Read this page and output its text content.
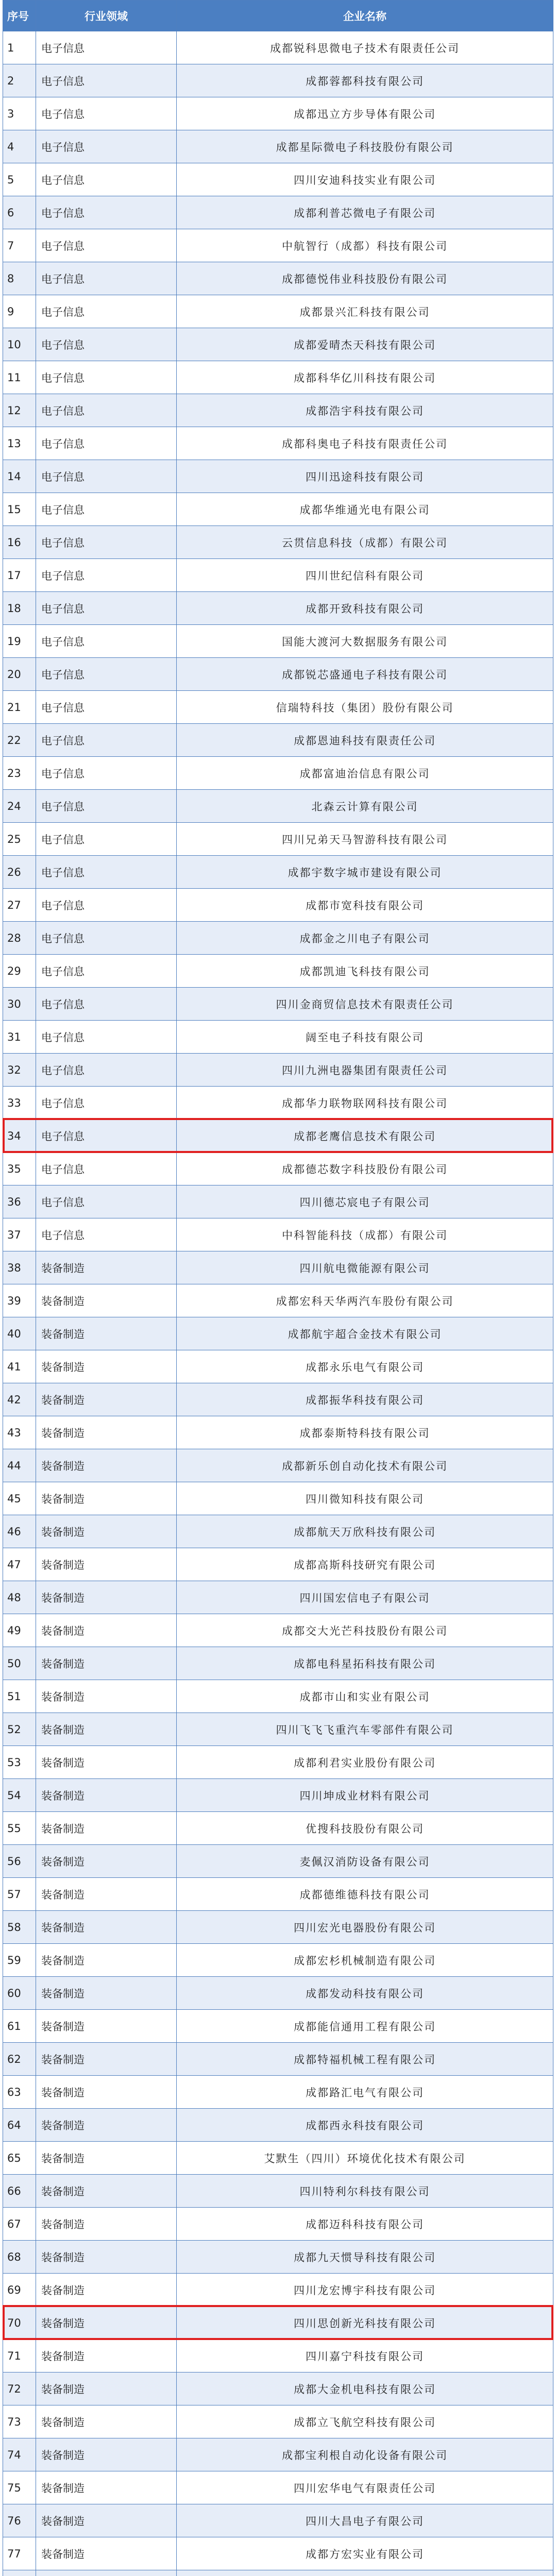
序号	行业领域	企业名称
1	电子信息	成都锐科思微电子技术有限责任公司
2	电子信息	成都蓉都科技有限公司
3	电子信息	成都迅立方步导体有限公司
4	电子信息	成都星际微电子科技股份有限公司
5	电子信息	四川安迪科技实业有限公司
6	电子信息	成都利普芯微电子有限公司
7	电子信息	中航智行（成都）科技有限公司
8	电子信息	成都德悦伟业科技股份有限公司
9	电子信息	成都景兴汇科技有限公司
10	电子信息	成都爱晴杰天科技有限公司
11	电子信息	成都科华亿川科技有限公司
12	电子信息	成都浩宇科技有限公司
13	电子信息	成都科奥电子科技有限责任公司
14	电子信息	四川迅途科技有限公司
15	电子信息	成都华维通光电有限公司
16	电子信息	云贯信息科技（成都）有限公司
17	电子信息	四川世纪信科有限公司
18	电子信息	成都开致科技有限公司
19	电子信息	国能大渡河大数据服务有限公司
20	电子信息	成都锐芯盛通电子科技有限公司
21	电子信息	信瑞特科技（集团）股份有限公司
22	电子信息	成都恩迪科技有限责任公司
23	电子信息	成都富迪治信息有限公司
24	电子信息	北森云计算有限公司
25	电子信息	四川兄弟天马智游科技有限公司
26	电子信息	成都宇数字城市建设有限公司
27	电子信息	成都市宽科技有限公司
28	电子信息	成都金之川电子有限公司
29	电子信息	成都凯迪飞科技有限公司
30	电子信息	四川金商贸信息技术有限责任公司
31	电子信息	阔至电子科技有限公司
32	电子信息	四川九洲电器集团有限责任公司
33	电子信息	成都华力联物联网科技有限公司
34	电子信息	成都老鹰信息技术有限公司
35	电子信息	成都德芯数字科技股份有限公司
36	电子信息	四川德芯宸电子有限公司
37	电子信息	中科智能科技（成都）有限公司
38	装备制造	四川航电微能源有限公司
39	装备制造	成都宏科天华两汽车股份有限公司
40	装备制造	成都航宇超合金技术有限公司
41	装备制造	成都永乐电气有限公司
42	装备制造	成都振华科技有限公司
43	装备制造	成都泰斯特科技有限公司
44	装备制造	成都新乐创自动化技术有限公司
45	装备制造	四川微知科技有限公司
46	装备制造	成都航天万欣科技有限公司
47	装备制造	成都高斯科技研究有限公司
48	装备制造	四川国宏信电子有限公司
49	装备制造	成都交大光芒科技股份有限公司
50	装备制造	成都电科星拓科技有限公司
51	装备制造	成都市山和实业有限公司
52	装备制造	四川飞飞飞重汽车零部件有限公司
53	装备制造	成都利君实业股份有限公司
54	装备制造	四川坤成业材料有限公司
55	装备制造	优搜科技股份有限公司
56	装备制造	麦佩汉消防设备有限公司
57	装备制造	成都德维德科技有限公司
58	装备制造	四川宏光电器股份有限公司
59	装备制造	成都宏杉机械制造有限公司
60	装备制造	成都发动科技有限公司
61	装备制造	成都能信通用工程有限公司
62	装备制造	成都特福机械工程有限公司
63	装备制造	成都路汇电气有限公司
64	装备制造	成都西永科技有限公司
65	装备制造	艾默生（四川）环境优化技术有限公司
66	装备制造	四川特利尔科技有限公司
67	装备制造	成都迈科科技有限公司
68	装备制造	成都九天惯导科技有限公司
69	装备制造	四川龙宏博宇科技有限公司
70	装备制造	四川思创新光科技有限公司
71	装备制造	四川嘉宁科技有限公司
72	装备制造	成都大金机电科技有限公司
73	装备制造	成都立飞航空科技有限公司
74	装备制造	成都宝利根自动化设备有限公司
75	装备制造	四川宏华电气有限责任公司
76	装备制造	四川大昌电子有限公司
77	装备制造	成都方宏实业有限公司
